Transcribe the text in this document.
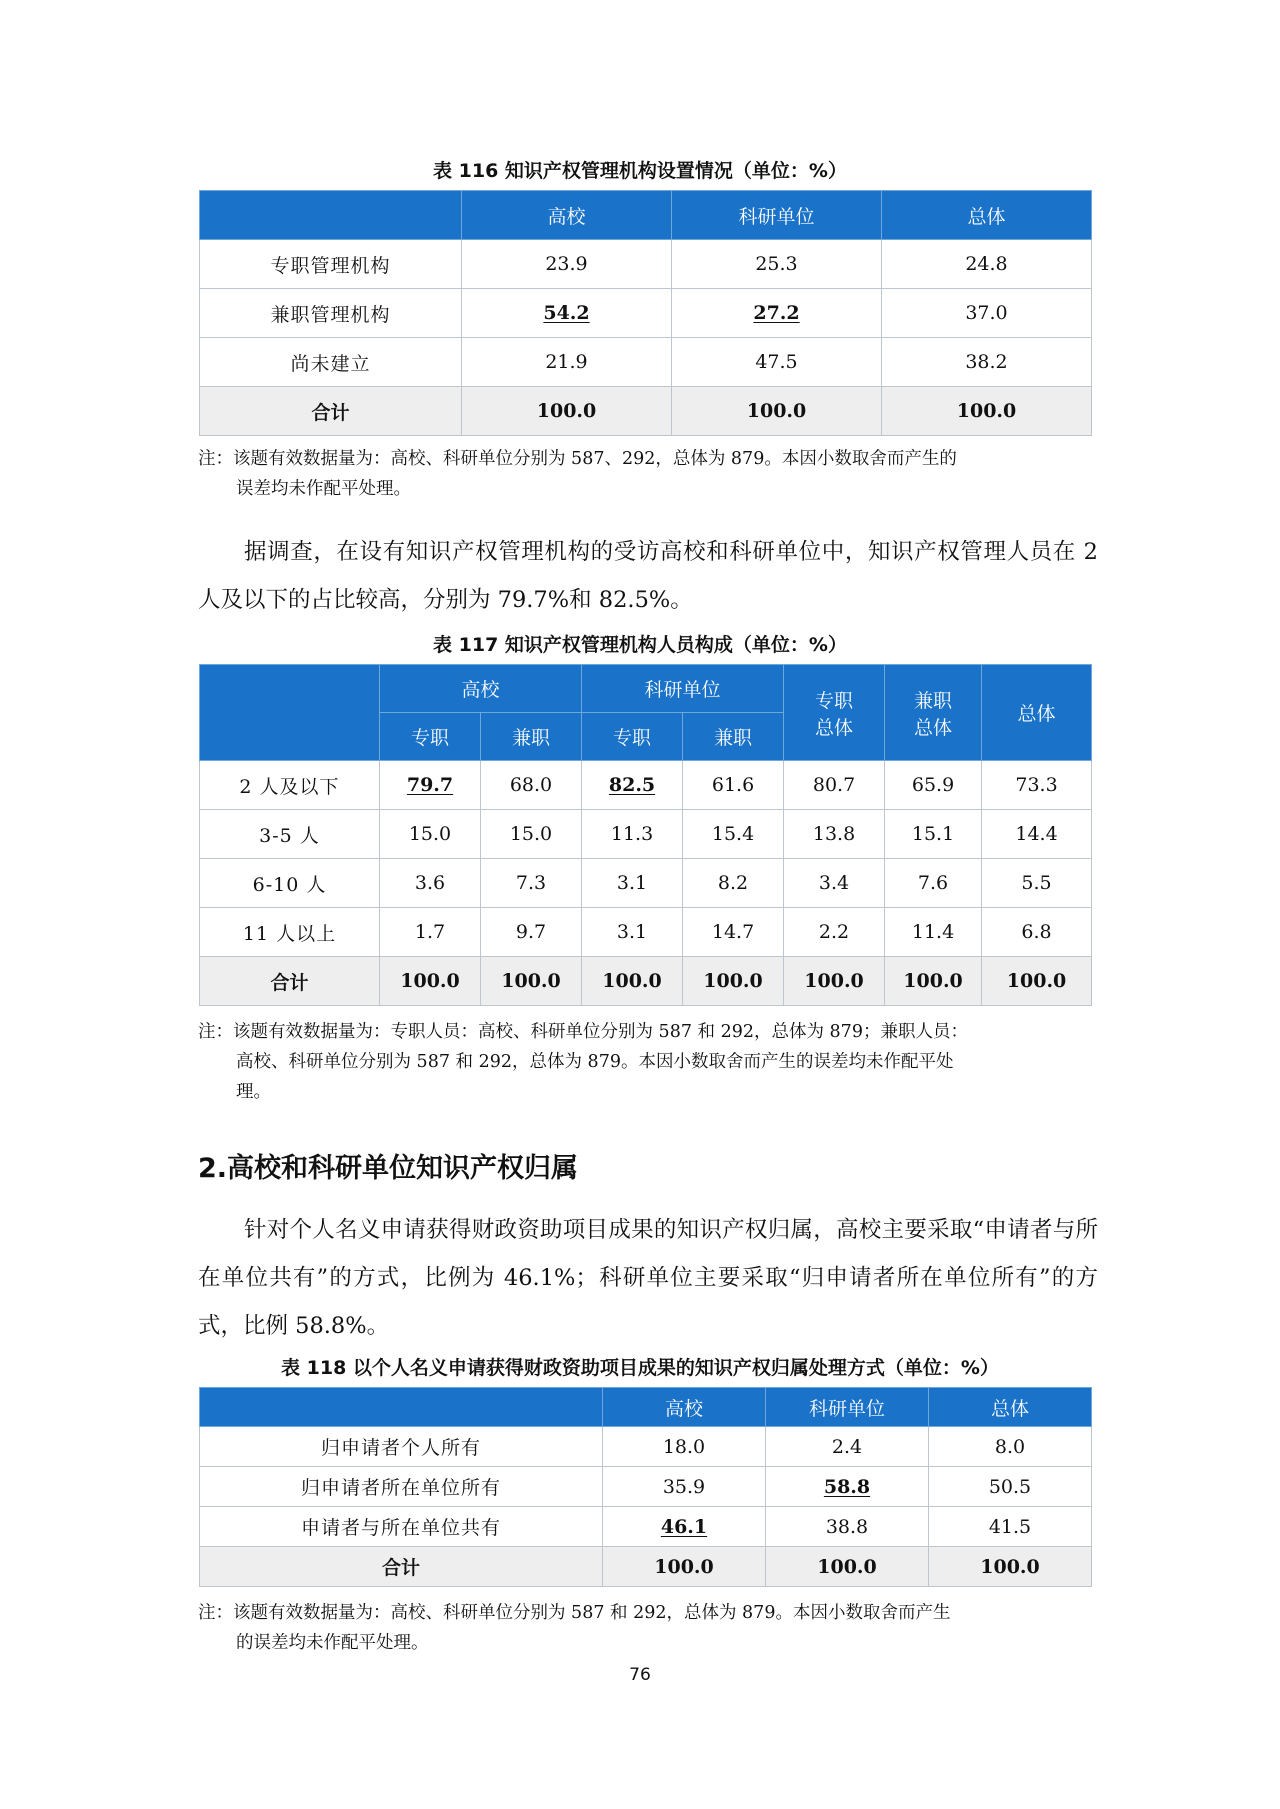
表 116 知识产权管理机构设置情况（单位：%）
	高校	科研单位	总体
专职管理机构	23.9	25.3	24.8
兼职管理机构	54.2	27.2	37.0
尚未建立	21.9	47.5	38.2
合计	100.0	100.0	100.0
注：该题有效数据量为：高校、科研单位分别为 587、292，总体为 879。本因小数取舍而产生的
误差均未作配平处理。
据调查，在设有知识产权管理机构的受访高校和科研单位中，知识产权管理人员在 2 人及以下的占比较高，分别为 79.7%和 82.5%。
表 117 知识产权管理机构人员构成（单位：%）
	高校		科研单位		专职总体	兼职总体	总体
	专职	兼职	专职	兼职			
2 人及以下	79.7	68.0	82.5	61.6	80.7	65.9	73.3
3-5 人	15.0	15.0	11.3	15.4	13.8	15.1	14.4
6-10 人	3.6	7.3	3.1	8.2	3.4	7.6	5.5
11 人以上	1.7	9.7	3.1	14.7	2.2	11.4	6.8
合计	100.0	100.0	100.0	100.0	100.0	100.0	100.0
注：该题有效数据量为：专职人员：高校、科研单位分别为 587 和 292，总体为 879；兼职人员：
高校、科研单位分别为 587 和 292，总体为 879。本因小数取舍而产生的误差均未作配平处
理。
2.高校和科研单位知识产权归属
针对个人名义申请获得财政资助项目成果的知识产权归属，高校主要采取“申请者与所在单位共有”的方式，比例为 46.1%；科研单位主要采取“归申请者所在单位所有”的方式，比例 58.8%。
表 118 以个人名义申请获得财政资助项目成果的知识产权归属处理方式（单位：%）
	高校	科研单位	总体
归申请者个人所有	18.0	2.4	8.0
归申请者所在单位所有	35.9	58.8	50.5
申请者与所在单位共有	46.1	38.8	41.5
合计	100.0	100.0	100.0
注：该题有效数据量为：高校、科研单位分别为 587 和 292，总体为 879。本因小数取舍而产生
的误差均未作配平处理。
76
